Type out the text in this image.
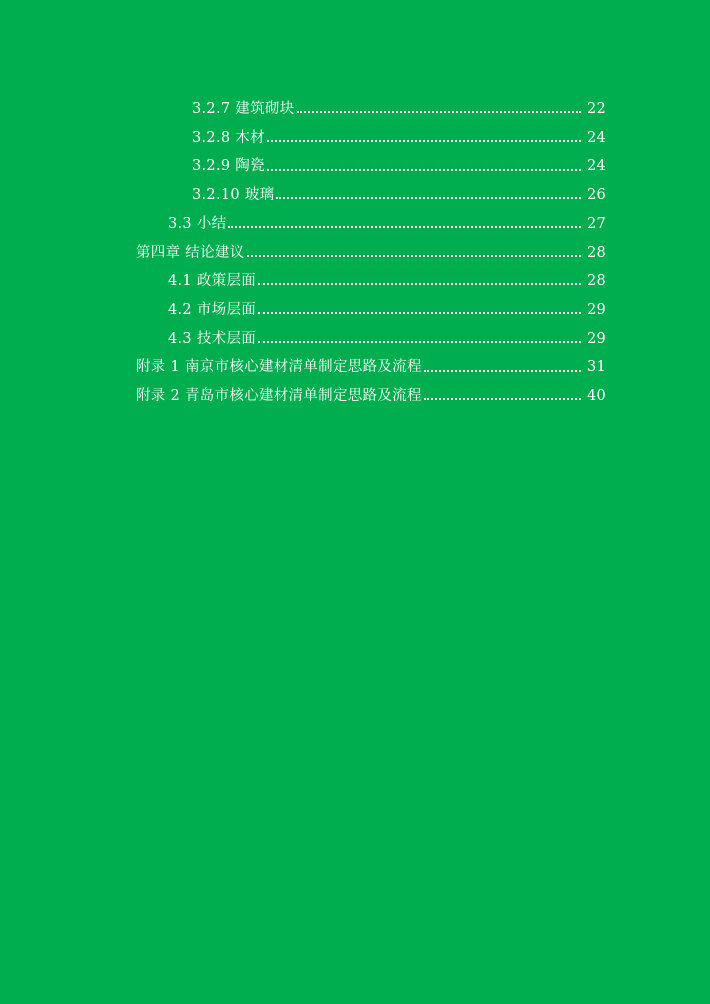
3.2.7 建筑砌块	22
3.2.8 木材	24
3.2.9 陶瓷	24
3.2.10 玻璃	26
3.3 小结	27
第四章 结论建议	28
4.1 政策层面	28
4.2 市场层面	29
4.3 技术层面	29
附录 1 南京市核心建材清单制定思路及流程	31
附录 2 青岛市核心建材清单制定思路及流程	40
